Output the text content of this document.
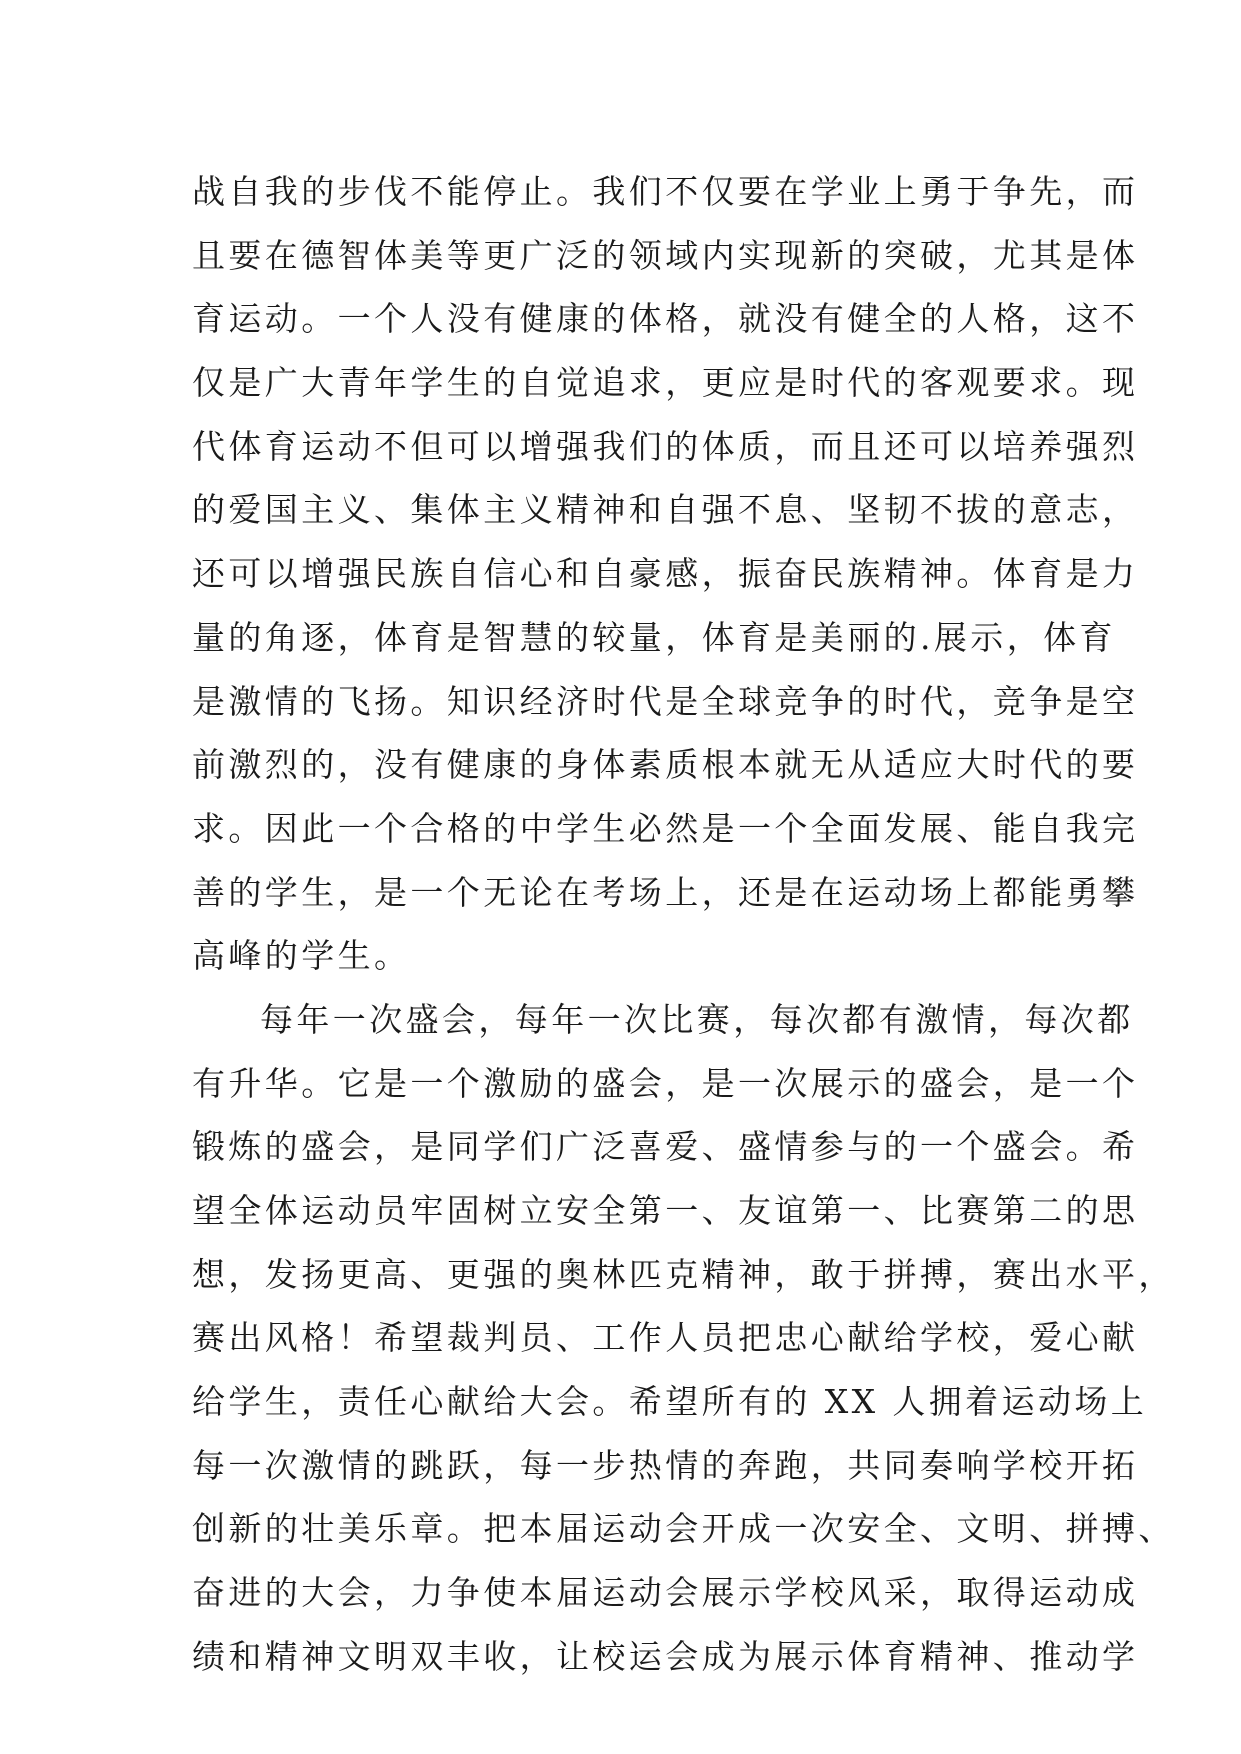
战自我的步伐不能停止。我们不仅要在学业上勇于争先，而
且要在德智体美等更广泛的领域内实现新的突破，尤其是体
育运动。一个人没有健康的体格，就没有健全的人格，这不
仅是广大青年学生的自觉追求，更应是时代的客观要求。现
代体育运动不但可以增强我们的体质，而且还可以培养强烈
的爱国主义、集体主义精神和自强不息、坚韧不拔的意志，
还可以增强民族自信心和自豪感，振奋民族精神。体育是力
量的角逐，体育是智慧的较量，体育是美丽的.展示，体育
是激情的飞扬。知识经济时代是全球竞争的时代，竞争是空
前激烈的，没有健康的身体素质根本就无从适应大时代的要
求。因此一个合格的中学生必然是一个全面发展、能自我完
善的学生，是一个无论在考场上，还是在运动场上都能勇攀
高峰的学生。
每年一次盛会，每年一次比赛，每次都有激情，每次都
有升华。它是一个激励的盛会，是一次展示的盛会，是一个
锻炼的盛会，是同学们广泛喜爱、盛情参与的一个盛会。希
望全体运动员牢固树立安全第一、友谊第一、比赛第二的思
想，发扬更高、更强的奥林匹克精神，敢于拼搏，赛出水平，
赛出风格！希望裁判员、工作人员把忠心献给学校，爱心献
给学生，责任心献给大会。希望所有的 XX 人拥着运动场上
每一次激情的跳跃，每一步热情的奔跑，共同奏响学校开拓
创新的壮美乐章。把本届运动会开成一次安全、文明、拼搏、
奋进的大会，力争使本届运动会展示学校风采，取得运动成
绩和精神文明双丰收，让校运会成为展示体育精神、推动学
